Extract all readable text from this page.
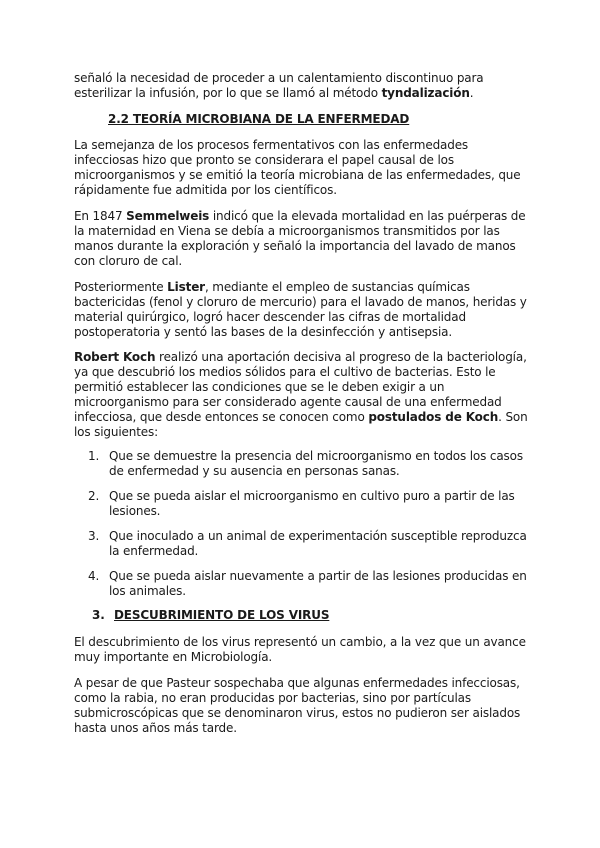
señaló la necesidad de proceder a un calentamiento discontinuo para esterilizar la infusión, por lo que se llamó al método tyndalización.

2.2 TEORÍA MICROBIANA DE LA ENFERMEDAD

La semejanza de los procesos fermentativos con las enfermedades infecciosas hizo que pronto se considerara el papel causal de los microorganismos y se emitió la teoría microbiana de las enfermedades, que rápidamente fue admitida por los científicos.

En 1847 Semmelweis indicó que la elevada mortalidad en las puérperas de la maternidad en Viena se debía a microorganismos transmitidos por las manos durante la exploración y señaló la importancia del lavado de manos con cloruro de cal.

Posteriormente Lister, mediante el empleo de sustancias químicas bactericidas (fenol y cloruro de mercurio) para el lavado de manos, heridas y material quirúrgico, logró hacer descender las cifras de mortalidad postoperatoria y sentó las bases de la desinfección y antisepsia.

Robert Koch realizó una aportación decisiva al progreso de la bacteriología, ya que descubrió los medios sólidos para el cultivo de bacterias. Esto le permitió establecer las condiciones que se le deben exigir a un microorganismo para ser considerado agente causal de una enfermedad infecciosa, que desde entonces se conocen como postulados de Koch. Son los siguientes:

1. Que se demuestre la presencia del microorganismo en todos los casos de enfermedad y su ausencia en personas sanas.
2. Que se pueda aislar el microorganismo en cultivo puro a partir de las lesiones.
3. Que inoculado a un animal de experimentación susceptible reproduzca la enfermedad.
4. Que se pueda aislar nuevamente a partir de las lesiones producidas en los animales.
3. DESCUBRIMIENTO DE LOS VIRUS

El descubrimiento de los virus representó un cambio, a la vez que un avance muy importante en Microbiología.

A pesar de que Pasteur sospechaba que algunas enfermedades infecciosas, como la rabia, no eran producidas por bacterias, sino por partículas submicroscópicas que se denominaron virus, estos no pudieron ser aislados hasta unos años más tarde.
